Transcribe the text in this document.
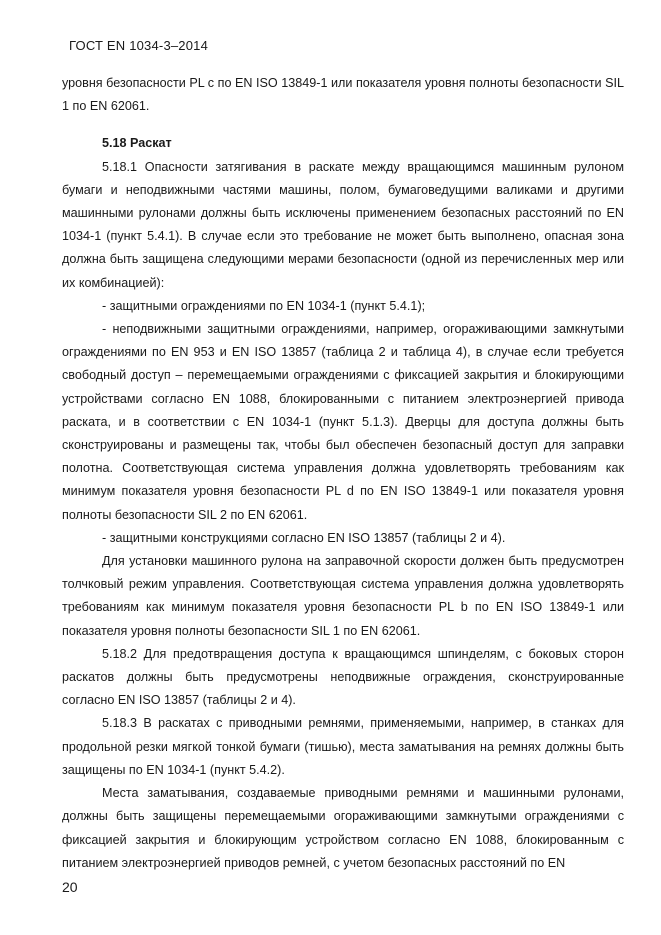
ГОСТ EN 1034-3–2014

уровня безопасности PL c по EN ISO 13849-1 или показателя уровня полноты безопасности SIL 1 по EN 62061.

5.18 Раскат

5.18.1 Опасности затягивания в раскате между вращающимся машинным рулоном бумаги и неподвижными частями машины, полом, бумаговедущими валиками и другими машинными рулонами должны быть исключены применением безопасных расстояний по EN 1034-1 (пункт 5.4.1). В случае если это требование не может быть выполнено, опасная зона должна быть защищена следующими мерами безопасности (одной из перечисленных мер или их комбинацией):

- защитными ограждениями по EN 1034-1 (пункт 5.4.1);

- неподвижными защитными ограждениями, например, огораживающими замкнутыми ограждениями по EN 953 и EN ISO 13857 (таблица 2 и таблица 4), в случае если требуется свободный доступ – перемещаемыми ограждениями с фиксацией закрытия и блокирующими устройствами согласно EN 1088, блокированными с питанием электроэнергией привода раската, и в соответствии с EN 1034-1 (пункт 5.1.3). Дверцы для доступа должны быть сконструированы и размещены так, чтобы был обеспечен безопасный доступ для заправки полотна. Соответствующая система управления должна удовлетворять требованиям как минимум показателя уровня безопасности PL d по EN ISO 13849-1 или показателя уровня полноты безопасности SIL 2 по EN 62061.

- защитными конструкциями согласно EN ISO 13857 (таблицы 2 и 4).

Для установки машинного рулона на заправочной скорости должен быть предусмотрен толчковый режим управления. Соответствующая система управления должна удовлетворять требованиям как минимум показателя уровня безопасности PL b по EN ISO 13849-1 или показателя уровня полноты безопасности SIL 1 по EN 62061.

5.18.2 Для предотвращения доступа к вращающимся шпинделям, с боковых сторон раскатов должны быть предусмотрены неподвижные ограждения, сконструированные согласно EN ISO 13857 (таблицы 2 и 4).

5.18.3 В раскатах с приводными ремнями, применяемыми, например, в станках для продольной резки мягкой тонкой бумаги (тишью), места заматывания на ремнях должны быть защищены по EN 1034-1 (пункт 5.4.2).

Места заматывания, создаваемые приводными ремнями и машинными рулонами, должны быть защищены перемещаемыми огораживающими замкнутыми ограждениями с фиксацией закрытия и блокирующим устройством согласно EN 1088, блокированным с питанием электроэнергией приводов ремней, с учетом безопасных расстояний по EN

20
